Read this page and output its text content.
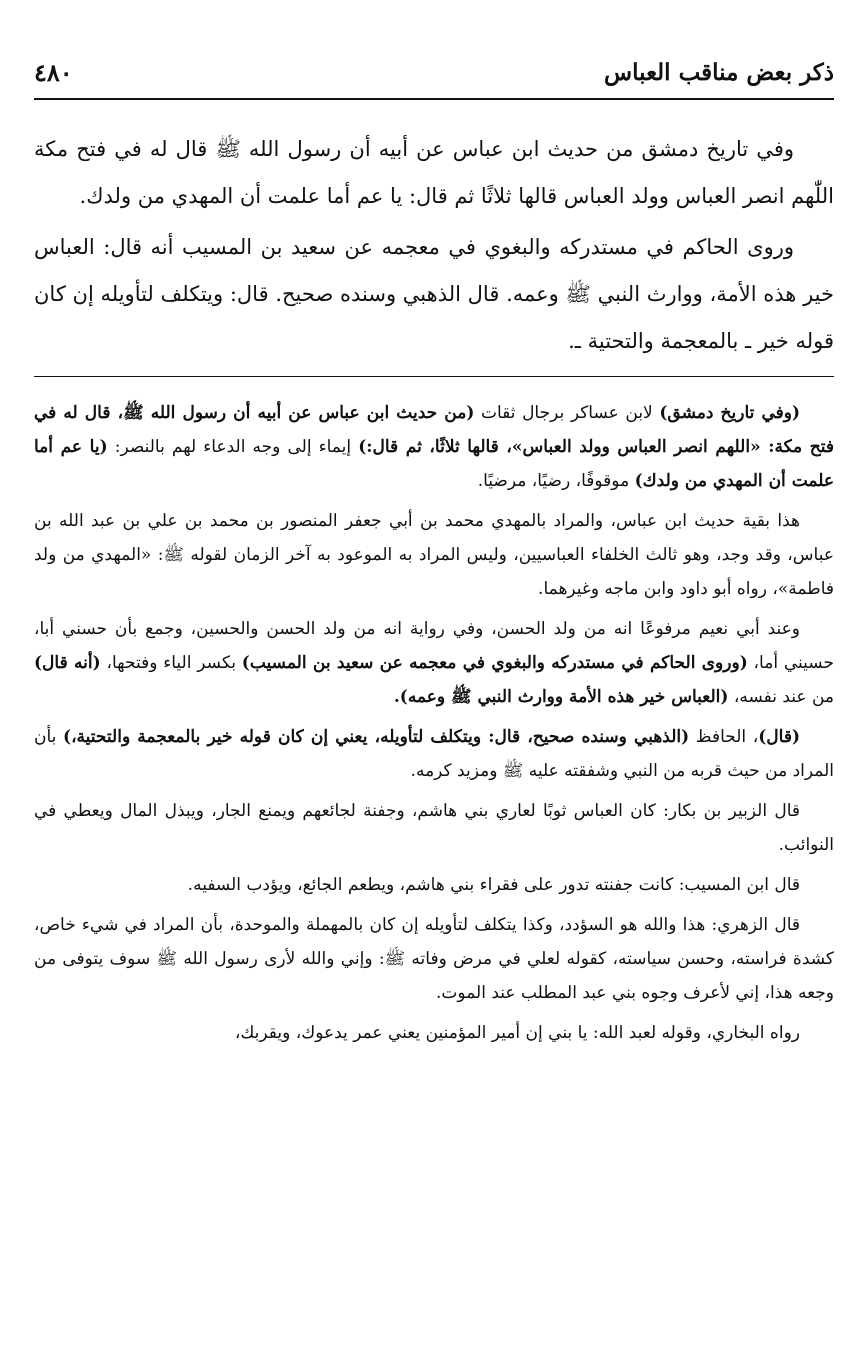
ذكر بعض مناقب العباس
٤٨٠

وفي تاريخ دمشق من حديث ابن عباس عن أبيه أن رسول الله ﷺ قال له في فتح مكة اللّٰهم انصر العباس وولد العباس قالها ثلاثًا ثم قال: يا عم أما علمت أن المهدي من ولدك.

وروى الحاكم في مستدركه والبغوي في معجمه عن سعيد بن المسيب أنه قال: العباس خير هذه الأمة، ووارث النبي ﷺ وعمه. قال الذهبي وسنده صحيح. قال: ويتكلف لتأويله إن كان قوله خير ـ بالمعجمة والتحتية ـ.

(وفي تاريخ دمشق) لابن عساكر برجال ثقات (من حديث ابن عباس عن أبيه أن رسول الله ﷺ، قال له في فتح مكة: «اللهم انصر العباس وولد العباس»، قالها ثلاثًا، ثم قال:) إيماء إلى وجه الدعاء لهم بالنصر: (يا عم أما علمت أن المهدي من ولدك) موقوفًا، رضيًا، مرضيًا.

هذا بقية حديث ابن عباس، والمراد بالمهدي محمد بن أبي جعفر المنصور بن محمد بن علي بن عبد الله بن عباس، وقد وجد، وهو ثالث الخلفاء العباسيين، وليس المراد به الموعود به آخر الزمان لقوله ﷺ: «المهدي من ولد فاطمة»، رواه أبو داود وابن ماجه وغيرهما.

وعند أبي نعيم مرفوعًا انه من ولد الحسن، وفي رواية انه من ولد الحسن والحسين، وجمع بأن حسني أبا، حسيني أما، (وروى الحاكم في مستدركه والبغوي في معجمه عن سعيد بن المسيب) بكسر الياء وفتحها، (أنه قال) من عند نفسه، (العباس خير هذه الأمة ووارث النبي ﷺ وعمه).

(قال)، الحافظ (الذهبي وسنده صحيح، قال: ويتكلف لتأويله، يعني إن كان قوله خير بالمعجمة والتحتية،) بأن المراد من حيث قربه من النبي وشفقته عليه ﷺ ومزيد كرمه.

قال الزبير بن بكار: كان العباس ثوبًا لعاري بني هاشم، وجفنة لجائعهم ويمنع الجار، ويبذل المال ويعطي في النوائب.

قال ابن المسيب: كانت جفنته تدور على فقراء بني هاشم، ويطعم الجائع، ويؤدب السفيه.

قال الزهري: هذا والله هو السؤدد، وكذا يتكلف لتأويله إن كان بالمهملة والموحدة، بأن المراد في شيء خاص، كشدة فراسته، وحسن سياسته، كقوله لعلي في مرض وفاته ﷺ: وإني والله لأرى رسول الله ﷺ سوف يتوفى من وجعه هذا، إني لأعرف وجوه بني عبد المطلب عند الموت.

رواه البخاري، وقوله لعبد الله: يا بني إن أمير المؤمنين يعني عمر يدعوك، ويقربك،
